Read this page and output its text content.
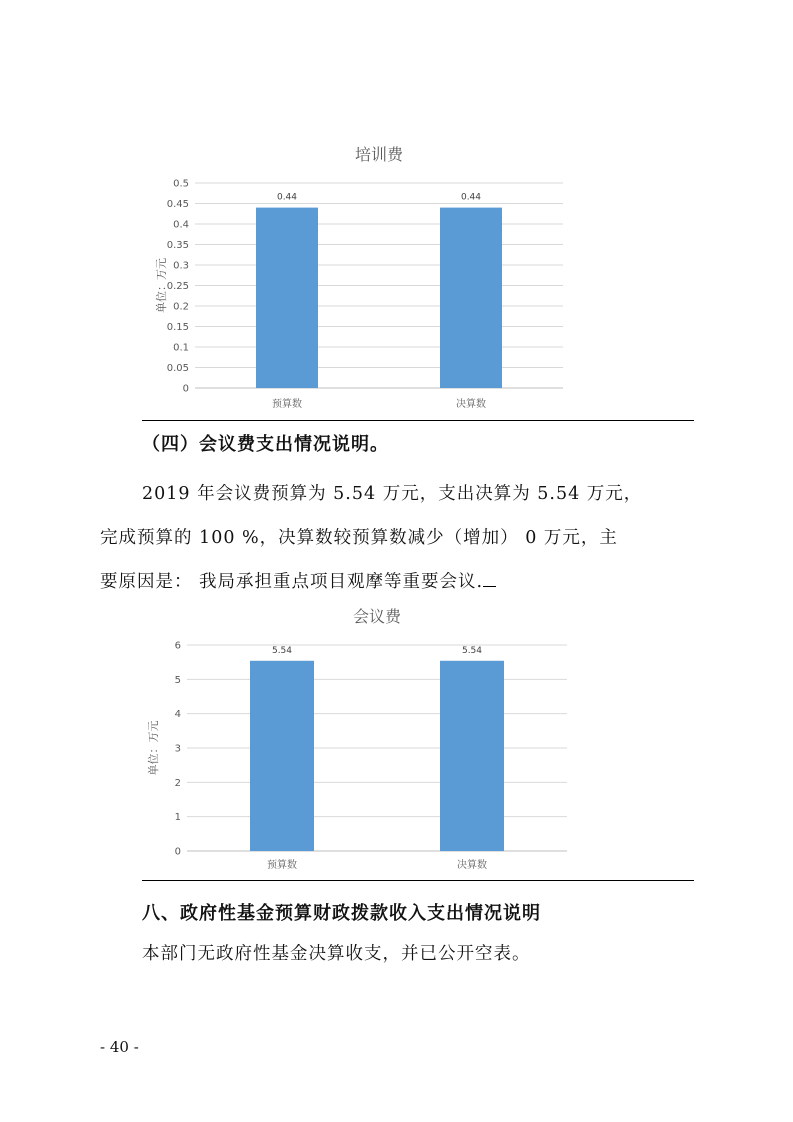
培训费
0
0.05
0.1
0.15
0.2
0.25
0.3
0.35
0.4
0.45
0.5
单位：万元
0.44
预算数
0.44
决算数
（四）会议费支出情况说明。
2019 年会议费预算为 5.54 万元，支出决算为 5.54 万元，
完成预算的 100 %，决算数较预算数减少（增加） 0 万元，主
要原因是： 我局承担重点项目观摩等重要会议.
会议费
0
1
2
3
4
5
6
单位：万元
5.54
预算数
5.54
决算数
八、政府性基金预算财政拨款收入支出情况说明
本部门无政府性基金决算收支，并已公开空表。
- 40 -
